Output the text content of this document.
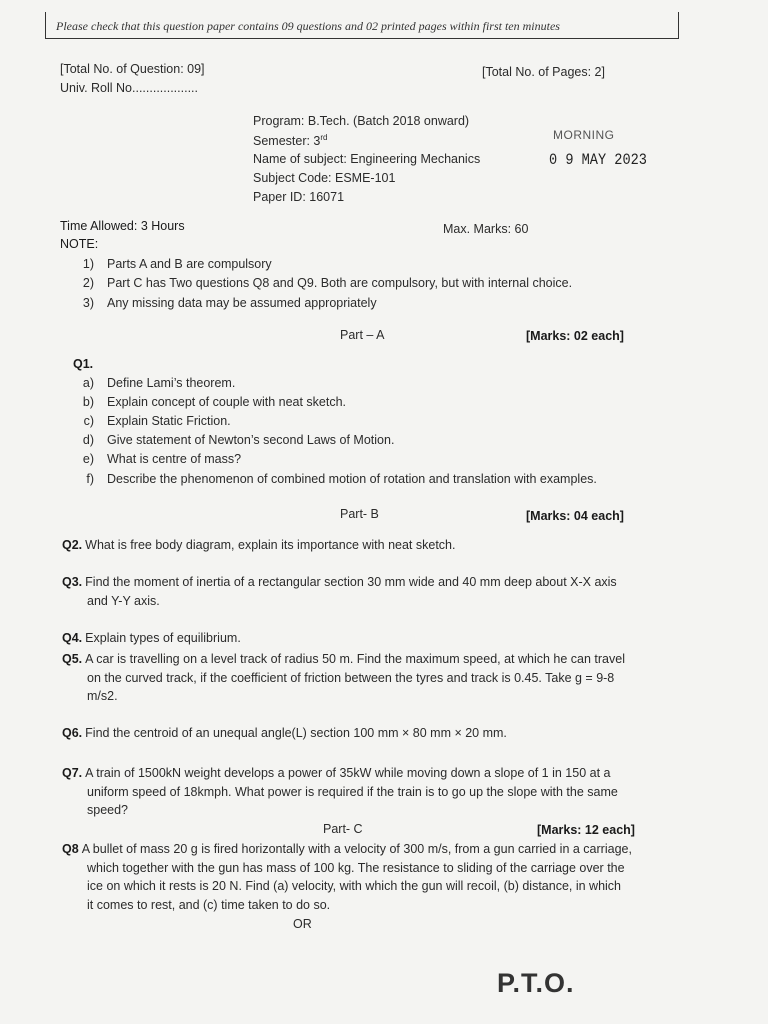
Please check that this question paper contains 09 questions and 02 printed pages within first ten minutes
[Total No. of Question: 09]
Univ. Roll No...................
[Total No. of Pages: 2]
Program: B.Tech. (Batch 2018 onward)
Semester: 3rd
Name of subject: Engineering Mechanics
Subject Code: ESME-101
Paper ID: 16071
MORNING
0 9 MAY 2023
Time Allowed: 3 Hours	Max. Marks: 60
NOTE:
1) Parts A and B are compulsory
2) Part C has Two questions Q8 and Q9. Both are compulsory, but with internal choice.
3) Any missing data may be assumed appropriately
Part – A	[Marks: 02 each]
Q1.
a) Define Lami’s theorem.
b) Explain concept of couple with neat sketch.
c) Explain Static Friction.
d) Give statement of Newton’s second Laws of Motion.
e) What is centre of mass?
f) Describe the phenomenon of combined motion of rotation and translation with examples.
Part- B	[Marks: 04 each]
Q2. What is free body diagram, explain its importance with neat sketch.
Q3. Find the moment of inertia of a rectangular section 30 mm wide and 40 mm deep about X-X axis
and Y-Y axis.
Q4. Explain types of equilibrium.
Q5. A car is travelling on a level track of radius 50 m. Find the maximum speed, at which he can travel
on the curved track, if the coefficient of friction between the tyres and track is 0.45. Take g = 9-8
m/s2.
Q6. Find the centroid of an unequal angle(L) section 100 mm × 80 mm × 20 mm.
Q7. A train of 1500kN weight develops a power of 35kW while moving down a slope of 1 in 150 at a
uniform speed of 18kmph. What power is required if the train is to go up the slope with the same
speed?
Part- C	[Marks: 12 each]
Q8 A bullet of mass 20 g is fired horizontally with a velocity of 300 m/s, from a gun carried in a carriage,
which together with the gun has mass of 100 kg. The resistance to sliding of the carriage over the
ice on which it rests is 20 N. Find (a) velocity, with which the gun will recoil, (b) distance, in which
it comes to rest, and (c) time taken to do so.
OR
P.T.O.
